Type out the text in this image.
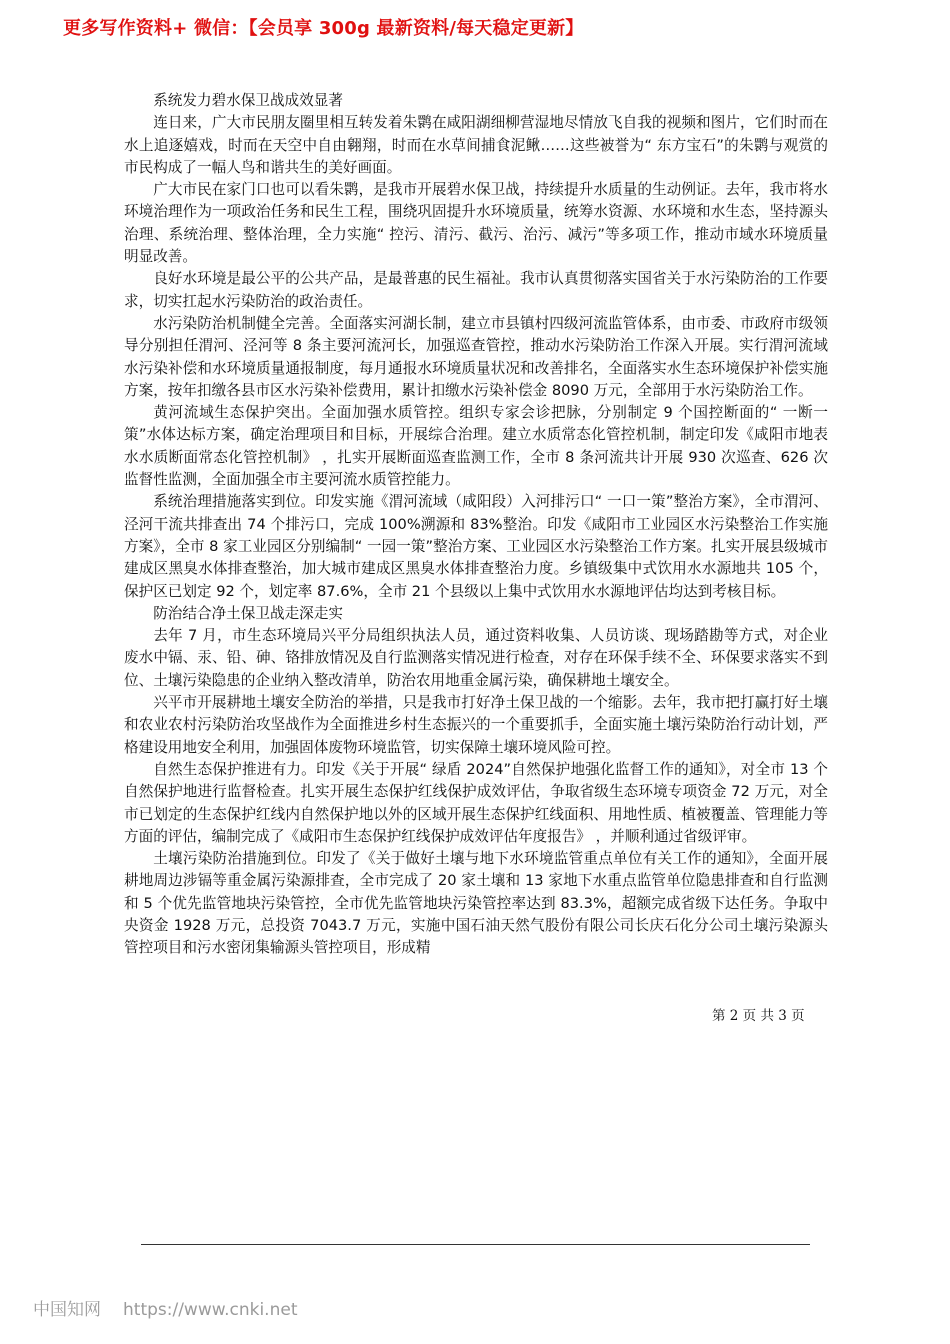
更多写作资料+ 微信：【会员享 300g 最新资料/每天稳定更新】

系统发力碧水保卫战成效显著

连日来，广大市民朋友圈里相互转发着朱鹮在咸阳湖细柳营湿地尽情放飞自我的视频和图片，它们时而在水上追逐嬉戏，时而在天空中自由翱翔，时而在水草间捕食泥鳅……这些被誉为“ 东方宝石”的朱鹮与观赏的市民构成了一幅人鸟和谐共生的美好画面。

广大市民在家门口也可以看朱鹮，是我市开展碧水保卫战，持续提升水质量的生动例证。去年，我市将水环境治理作为一项政治任务和民生工程，围绕巩固提升水环境质量，统筹水资源、水环境和水生态，坚持源头治理、系统治理、整体治理，全力实施“ 控污、清污、截污、治污、减污”等多项工作，推动市域水环境质量明显改善。

良好水环境是最公平的公共产品，是最普惠的民生福祉。我市认真贯彻落实国省关于水污染防治的工作要求，切实扛起水污染防治的政治责任。

水污染防治机制健全完善。全面落实河湖长制，建立市县镇村四级河流监管体系，由市委、市政府市级领导分别担任渭河、泾河等 8 条主要河流河长，加强巡查管控，推动水污染防治工作深入开展。实行渭河流域水污染补偿和水环境质量通报制度，每月通报水环境质量状况和改善排名，全面落实水生态环境保护补偿实施方案，按年扣缴各县市区水污染补偿费用，累计扣缴水污染补偿金 8090 万元，全部用于水污染防治工作。

黄河流域生态保护突出。全面加强水质管控。组织专家会诊把脉，分别制定 9 个国控断面的“ 一断一策”水体达标方案，确定治理项目和目标，开展综合治理。建立水质常态化管控机制，制定印发《咸阳市地表水水质断面常态化管控机制》 ，扎实开展断面巡查监测工作，全市 8 条河流共计开展 930 次巡查、626 次监督性监测，全面加强全市主要河流水质管控能力。

系统治理措施落实到位。印发实施《渭河流域（咸阳段）入河排污口“ 一口一策”整治方案》，全市渭河、泾河干流共排查出 74 个排污口，完成 100%溯源和 83%整治。印发《咸阳市工业园区水污染整治工作实施方案》，全市 8 家工业园区分别编制“ 一园一策”整治方案、工业园区水污染整治工作方案。扎实开展县级城市建成区黑臭水体排查整治，加大城市建成区黑臭水体排查整治力度。乡镇级集中式饮用水水源地共 105 个，保护区已划定 92 个，划定率 87.6%，全市 21 个县级以上集中式饮用水水源地评估均达到考核目标。

防治结合净土保卫战走深走实

去年 7 月，市生态环境局兴平分局组织执法人员，通过资料收集、人员访谈、现场踏勘等方式，对企业废水中镉、汞、铅、砷、铬排放情况及自行监测落实情况进行检查，对存在环保手续不全、环保要求落实不到位、土壤污染隐患的企业纳入整改清单，防治农用地重金属污染，确保耕地土壤安全。

兴平市开展耕地土壤安全防治的举措，只是我市打好净土保卫战的一个缩影。去年，我市把打赢打好土壤和农业农村污染防治攻坚战作为全面推进乡村生态振兴的一个重要抓手，全面实施土壤污染防治行动计划，严格建设用地安全利用，加强固体废物环境监管，切实保障土壤环境风险可控。

自然生态保护推进有力。印发《关于开展“ 绿盾 2024”自然保护地强化监督工作的通知》，对全市 13 个自然保护地进行监督检查。扎实开展生态保护红线保护成效评估，争取省级生态环境专项资金 72 万元，对全市已划定的生态保护红线内自然保护地以外的区域开展生态保护红线面积、用地性质、植被覆盖、管理能力等方面的评估，编制完成了《咸阳市生态保护红线保护成效评估年度报告》 ，并顺利通过省级评审。

土壤污染防治措施到位。印发了《关于做好土壤与地下水环境监管重点单位有关工作的通知》，全面开展耕地周边涉镉等重金属污染源排查，全市完成了 20 家土壤和 13 家地下水重点监管单位隐患排查和自行监测和 5 个优先监管地块污染管控，全市优先监管地块污染管控率达到 83.3%，超额完成省级下达任务。争取中央资金 1928 万元，总投资 7043.7 万元，实施中国石油天然气股份有限公司长庆石化分公司土壤污染源头管控项目和污水密闭集输源头管控项目，形成精

第 2 页 共 3 页
中国知网 https://www.cnki.net
